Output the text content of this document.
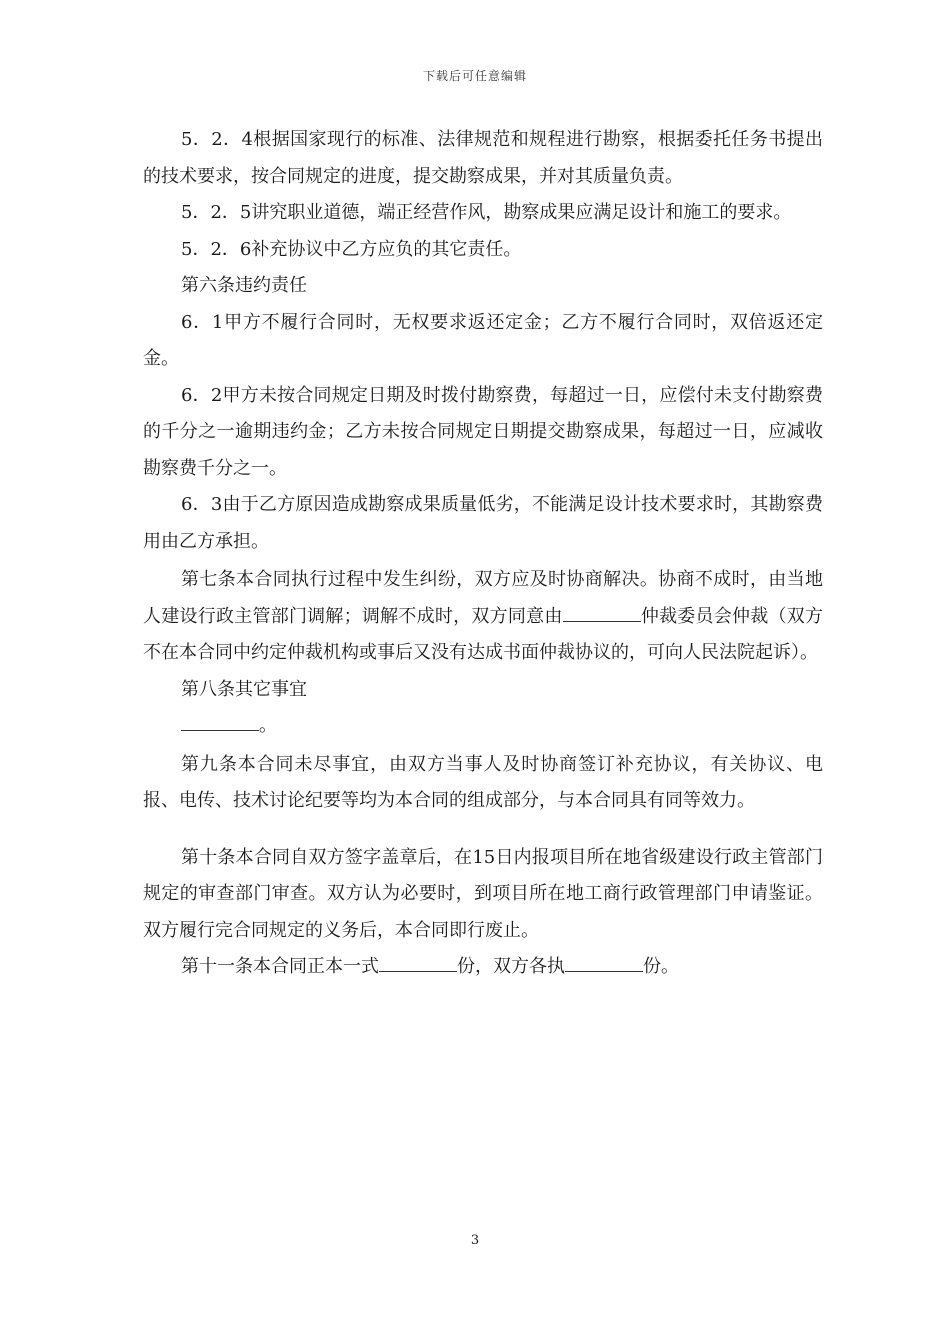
下载后可任意编辑

5．2．4根据国家现行的标准、法律规范和规程进行勘察，根据委托任务书提出的技术要求，按合同规定的进度，提交勘察成果，并对其质量负责。

5．2．5讲究职业道德，端正经营作风，勘察成果应满足设计和施工的要求。

5．2．6补充协议中乙方应负的其它责任。

第六条违约责任

6．1甲方不履行合同时，无权要求返还定金；乙方不履行合同时，双倍返还定金。

6．2甲方未按合同规定日期及时拨付勘察费，每超过一日，应偿付未支付勘察费的千分之一逾期违约金；乙方未按合同规定日期提交勘察成果，每超过一日，应减收勘察费千分之一。

6．3由于乙方原因造成勘察成果质量低劣，不能满足设计技术要求时，其勘察费用由乙方承担。

第七条本合同执行过程中发生纠纷，双方应及时协商解决。协商不成时，由当地人建设行政主管部门调解；调解不成时，双方同意由	仲裁委员会仲裁（双方不在本合同中约定仲裁机构或事后又没有达成书面仲裁协议的，可向人民法院起诉）。

第八条其它事宜

。

第九条本合同未尽事宜，由双方当事人及时协商签订补充协议，有关协议、电报、电传、技术讨论纪要等均为本合同的组成部分，与本合同具有同等效力。

第十条本合同自双方签字盖章后，在15日内报项目所在地省级建设行政主管部门规定的审查部门审查。双方认为必要时，到项目所在地工商行政管理部门申请鉴证。双方履行完合同规定的义务后，本合同即行废止。

第十一条本合同正本一式	份，双方各执	份。

3
